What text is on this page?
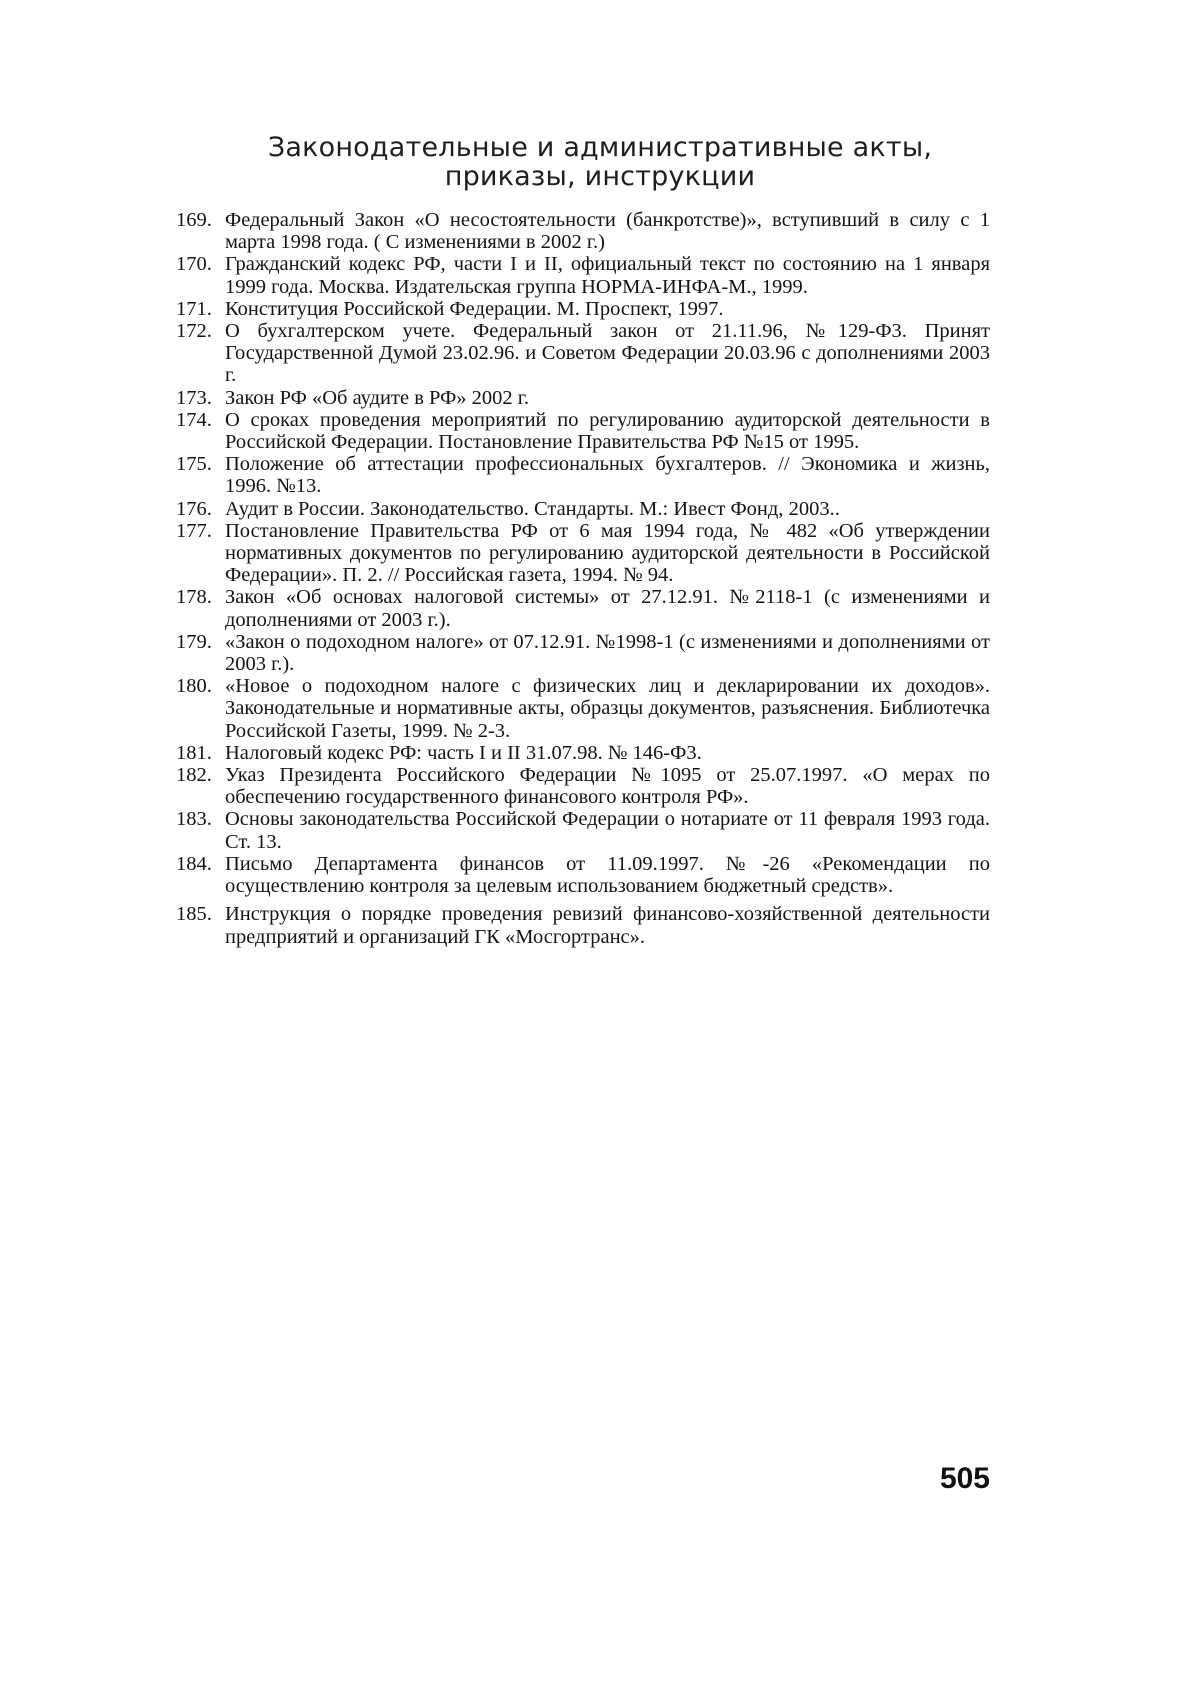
Законодательные и административные акты,
приказы, инструкции
169. Федеральный Закон «О несостоятельности (банкротстве)», вступивший в силу с 1 марта 1998 года. ( С изменениями в 2002 г.)
170. Гражданский кодекс РФ, части I и II, официальный текст по состоянию на 1 января 1999 года. Москва. Издательская группа НОРМА-ИНФА-М., 1999.
171. Конституция Российской Федерации. М. Проспект, 1997.
172. О бухгалтерском учете. Федеральный закон от 21.11.96, №129-Ф3. Принят Государственной Думой 23.02.96. и Советом Федерации 20.03.96 с дополнениями 2003 г.
173. Закон РФ «Об аудите в РФ» 2002 г.
174. О сроках проведения мероприятий по регулированию аудиторской деятельности в Российской Федерации. Постановление Правительства РФ №15 от 1995.
175. Положение об аттестации профессиональных бухгалтеров. // Экономика и жизнь, 1996. №13.
176. Аудит в России. Законодательство. Стандарты. М.: Ивест Фонд, 2003..
177. Постановление Правительства РФ от 6 мая 1994 года, № 482 «Об утверждении нормативных документов по регулированию аудиторской деятельности в Российской Федерации». П. 2. // Российская газета, 1994. № 94.
178. Закон «Об основах налоговой системы» от 27.12.91. №2118-1 (с изменениями и дополнениями от 2003 г.).
179. «Закон о подоходном налоге» от 07.12.91. №1998-1 (с изменениями и дополнениями от 2003 г.).
180. «Новое о подоходном налоге с физических лиц и декларировании их доходов». Законодательные и нормативные акты, образцы документов, разъяснения. Библиотечка Российской Газеты, 1999. № 2-3.
181. Налоговый кодекс РФ: часть I и II 31.07.98. № 146-Ф3.
182. Указ Президента Российского Федерации №1095 от 25.07.1997. «О мерах по обеспечению государственного финансового контроля РФ».
183. Основы законодательства Российской Федерации о нотариате от 11 февраля 1993 года. Ст. 13.
184. Письмо Департамента финансов от 11.09.1997. №-26 «Рекомендации по осуществлению контроля за целевым использованием бюджетный средств».
185. Инструкция о порядке проведения ревизий финансово-хозяйственной деятельности предприятий и организаций ГК «Мосгортранс».
505
